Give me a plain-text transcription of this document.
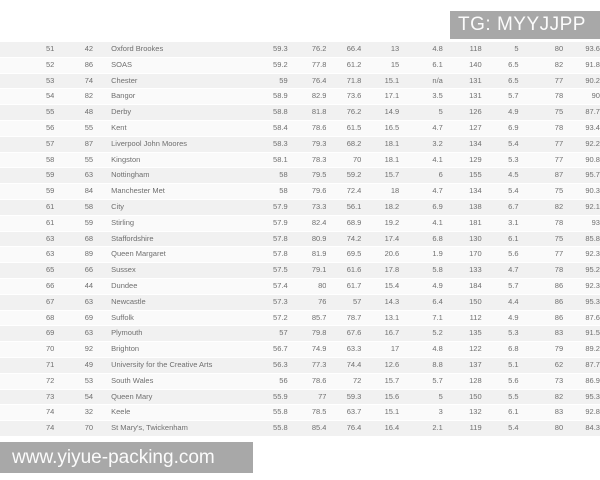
51	42	Oxford Brookes	59.3	76.2	66.4	13	4.8	118	5	80	93.6
52	86	SOAS	59.2	77.8	61.2	15	6.1	140	6.5	82	91.8
53	74	Chester	59	76.4	71.8	15.1	n/a	131	6.5	77	90.2
54	82	Bangor	58.9	82.9	73.6	17.1	3.5	131	5.7	78	90
55	48	Derby	58.8	81.8	76.2	14.9	5	126	4.9	75	87.7
56	55	Kent	58.4	78.6	61.5	16.5	4.7	127	6.9	78	93.4
57	87	Liverpool John Moores	58.3	79.3	68.2	18.1	3.2	134	5.4	77	92.2
58	55	Kingston	58.1	78.3	70	18.1	4.1	129	5.3	77	90.8
59	63	Nottingham	58	79.5	59.2	15.7	6	155	4.5	87	95.7
59	84	Manchester Met	58	79.6	72.4	18	4.7	134	5.4	75	90.3
61	58	City	57.9	73.3	56.1	18.2	6.9	138	6.7	82	92.1
61	59	Stirling	57.9	82.4	68.9	19.2	4.1	181	3.1	78	93
63	68	Staffordshire	57.8	80.9	74.2	17.4	6.8	130	6.1	75	85.8
63	89	Queen Margaret	57.8	81.9	69.5	20.6	1.9	170	5.6	77	92.3
65	66	Sussex	57.5	79.1	61.6	17.8	5.8	133	4.7	78	95.2
66	44	Dundee	57.4	80	61.7	15.4	4.9	184	5.7	86	92.3
67	63	Newcastle	57.3	76	57	14.3	6.4	150	4.4	86	95.3
68	69	Suffolk	57.2	85.7	78.7	13.1	7.1	112	4.9	86	87.6
69	63	Plymouth	57	79.8	67.6	16.7	5.2	135	5.3	83	91.5
70	92	Brighton	56.7	74.9	63.3	17	4.8	122	6.8	79	89.2
71	49	University for the Creative Arts	56.3	77.3	74.4	12.6	8.8	137	5.1	62	87.7
72	53	South Wales	56	78.6	72	15.7	5.7	128	5.6	73	86.9
73	54	Queen Mary	55.9	77	59.3	15.6	5	150	5.5	82	95.3
74	32	Keele	55.8	78.5	63.7	15.1	3	132	6.1	83	92.8
74	70	St Mary's, Twickenham	55.8	85.4	76.4	16.4	2.1	119	5.4	80	84.3
TG: MYYJJPP
www.yiyue-packing.com
